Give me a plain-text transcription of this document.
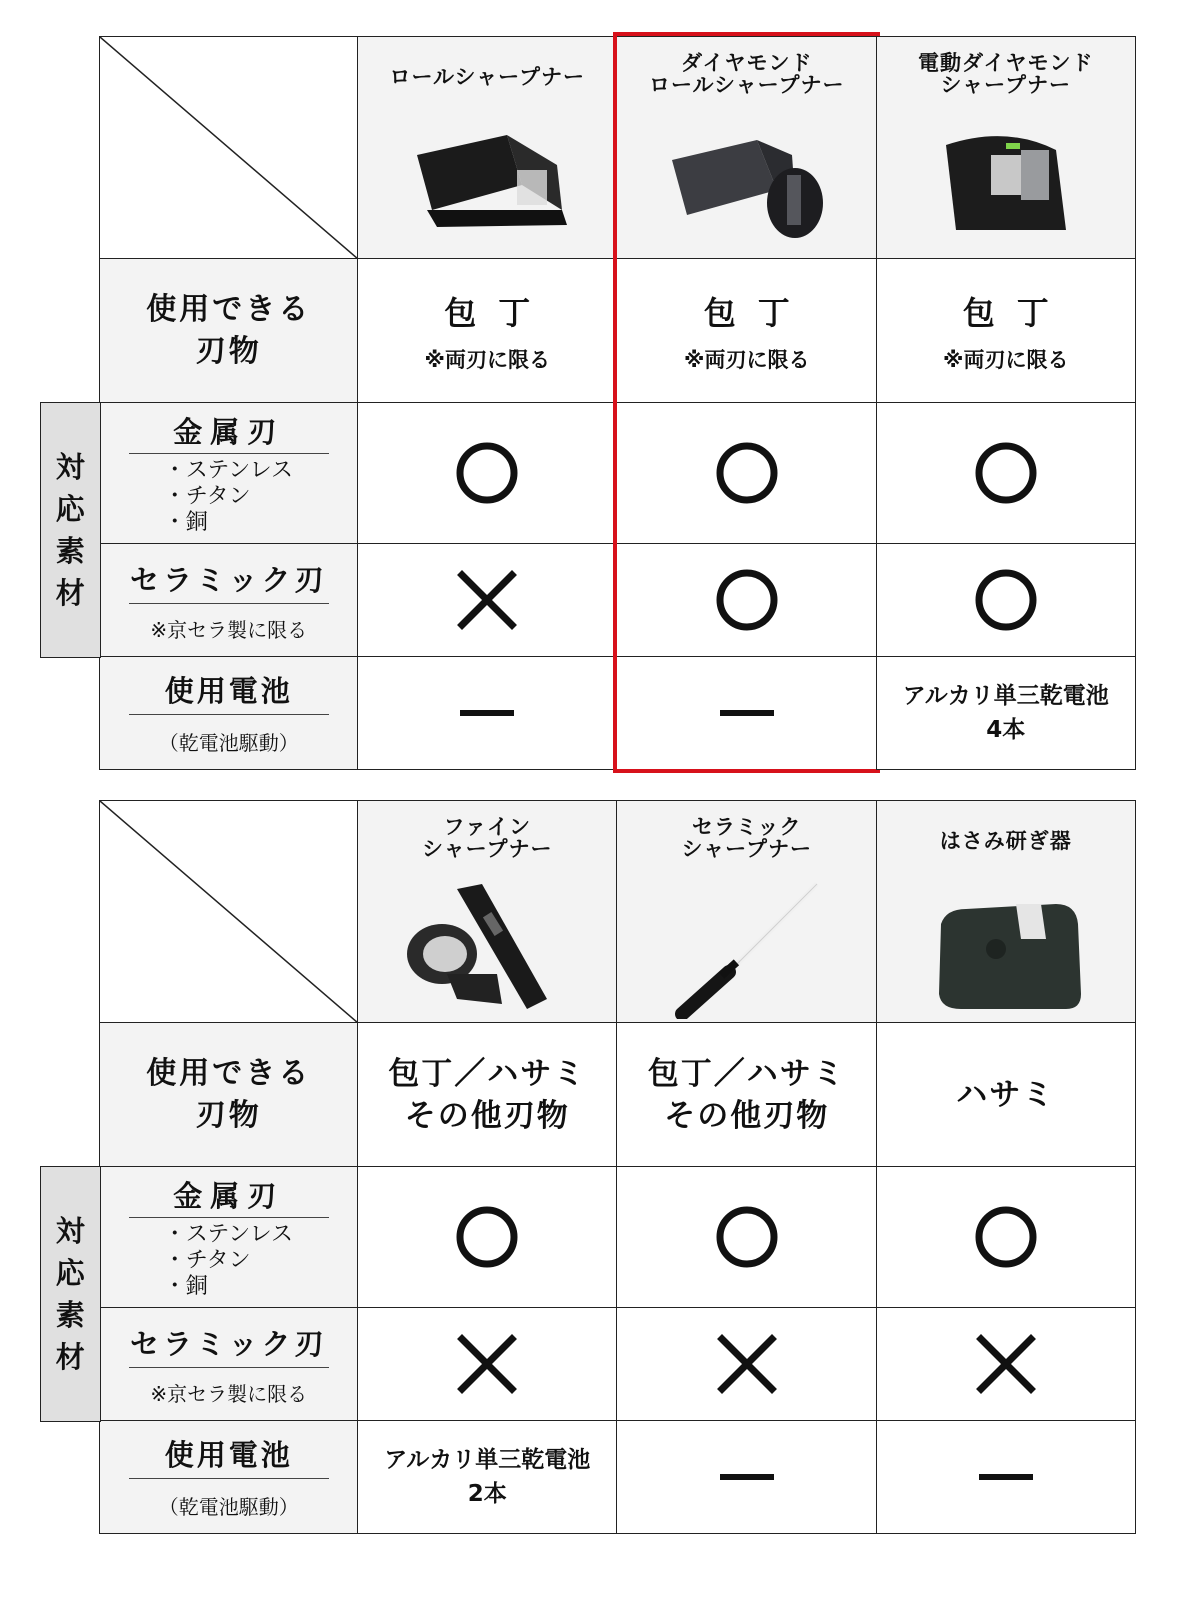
使用できる
刃物
金属刃
・ステンレス
・チタン
・銅
セラミック刃
※京セラ製に限る
使用電池
（乾電池駆動）
対応素材
ロールシャープナー
包丁
※両刃に限る
ダイヤモンド
ロールシャープナー
包丁
※両刃に限る
電動ダイヤモンド
シャープナー
包丁
※両刃に限る
アルカリ単三乾電池
4本
使用できる
刃物
金属刃
・ステンレス
・チタン
・銅
セラミック刃
※京セラ製に限る
使用電池
（乾電池駆動）
対応素材
ファイン
シャープナー
包丁／ハサミ
その他刃物
アルカリ単三乾電池
2本
セラミック
シャープナー
包丁／ハサミ
その他刃物
はさみ研ぎ器
ハサミ
